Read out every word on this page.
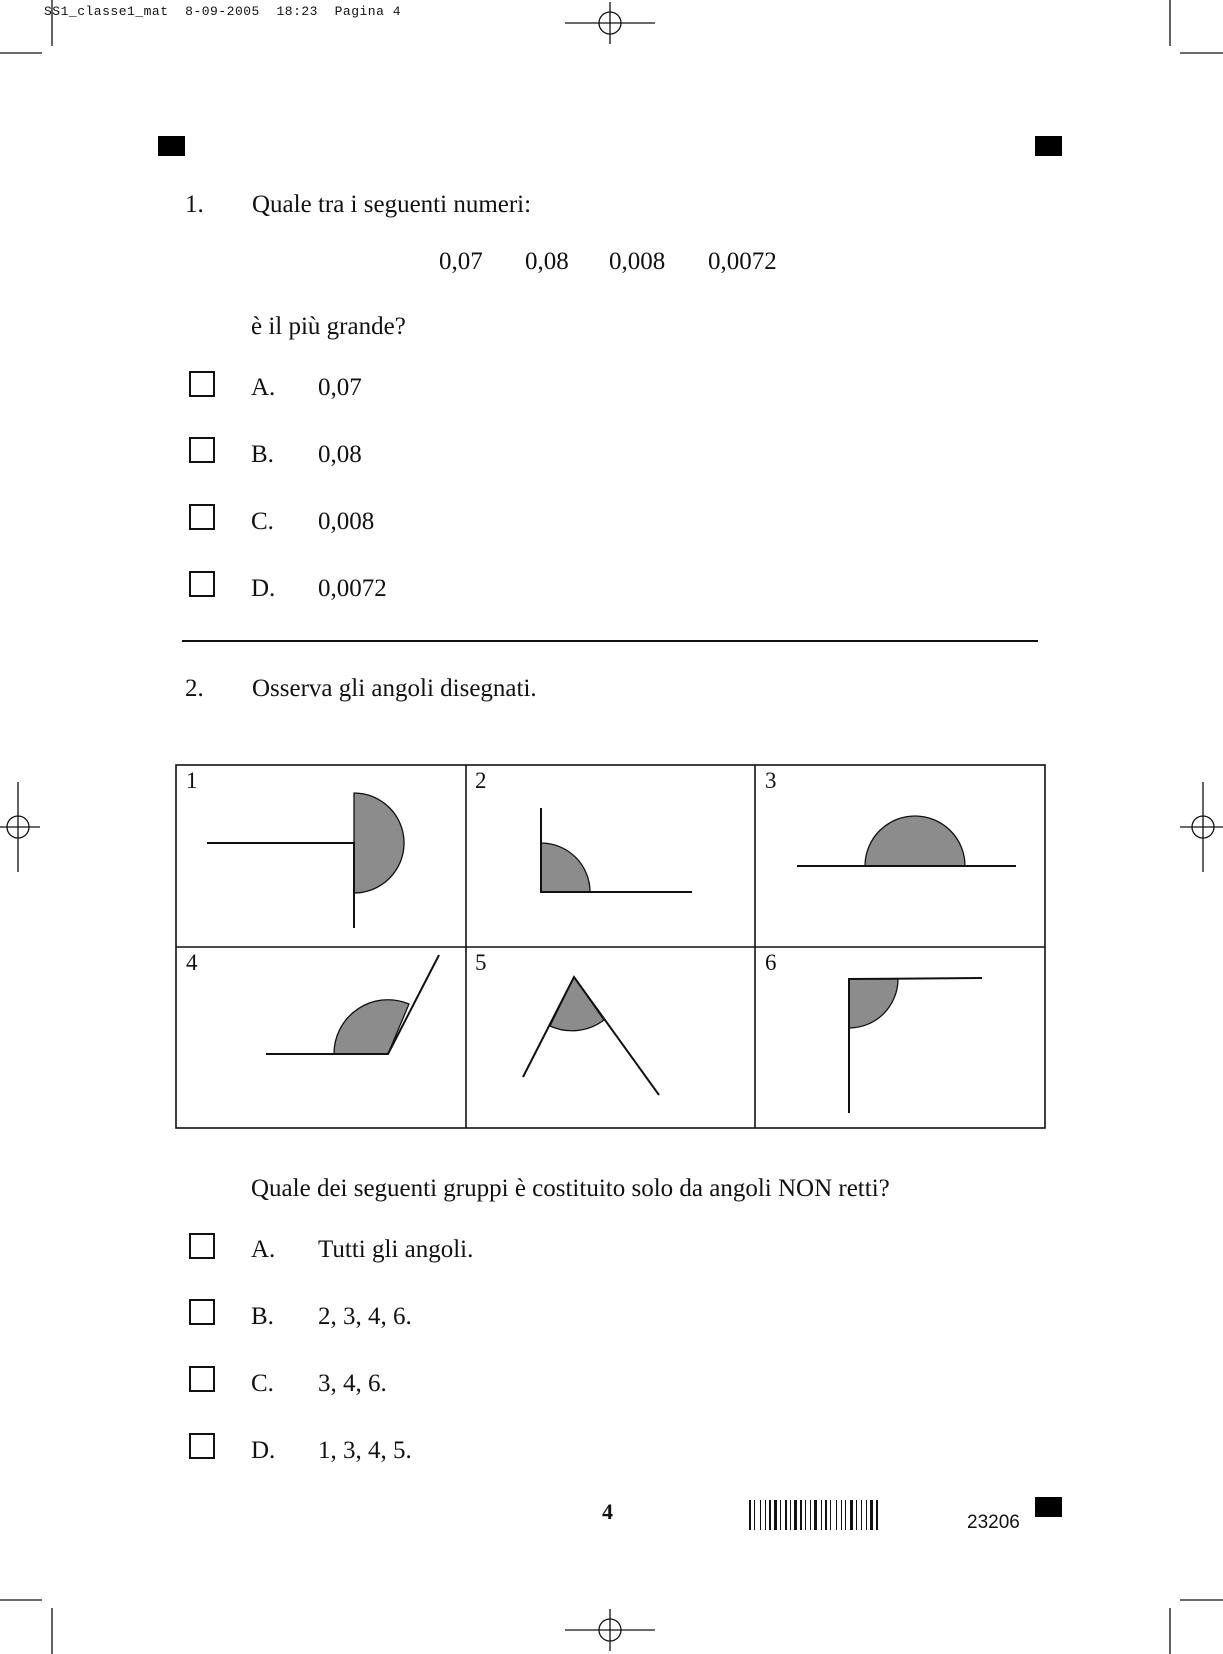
SS1_classe1_mat 8-09-2005 18:23 Pagina 4
1. Quale tra i seguenti numeri:
0,07 0,08 0,008 0,0072
è il più grande?
A. 0,07
B. 0,08
C. 0,008
D. 0,0072
2. Osserva gli angoli disegnati.
1	2	3
4	5	6
Quale dei seguenti gruppi è costituito solo da angoli NON retti?
A. Tutti gli angoli.
B. 2, 3, 4, 6.
C. 3, 4, 6.
D. 1, 3, 4, 5.
4	23206
